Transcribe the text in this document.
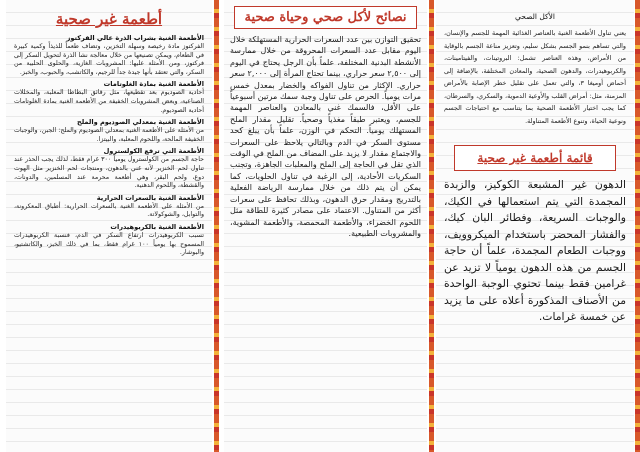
أطعمة غير صحية
الأطعمة الغنية بشراب الذرة عالي الفركتوز
الفركتوز مادة رخيصة وسهلة التخزين، وتضاف طعماً للذيذاً وكمية كبيرة في الطعام، ويمكن تصنيعها من خلال معالجة نشا الذرة لتحويل السكر إلى فركتوز، ومن الأمثلة عليها: المشروبات الغازية، والحلوى الحلبية من السكر، والتي تعتقد بأنها جيدة جداً للرجيم، والكاتشب، والحبوب، والخبز.
الأطعمة الغنية بمادة الغلوتامات
أحادية الصوديوم بعد تقطيعها، مثل رقائق البطاطا المعلبة، والمخللات الصناعية، وبعض المشروبات الخفيفة من الأطعمة الغنية بمادة الغلوتامات أحادية الصوديوم.
الأطعمة الغنية بمعدلي الصوديوم والملح
من الأمثلة على الأطعمة الغنية بمعدلي الصوديوم والملح: الجبن، والوجبات الخفيفة المالحة، واللحوم المعلبة، والبيتزا.
الأطعمة التي ترفع الكولسترول
حاجة الجسم من الكولسترول يومياً ٣٠٠ غرام فقط، لذلك يجب الحذر عند تناول لحم الخنزير لأنه غني بالدهون، ومنتجات لحم الخنزير مثل الهوت دوغ، ولحم البقر، وهي أطعمة محرمة عند المسلمين، والدونات، والقشطة، واللحوم الدهنية.
الأطعمة الغنية بالسعرات الحرارية
من الأمثلة على الأطعمة الغنية بالسعرات الحرارية: أطباق المعكرونة، والتوابل، والشوكولاتة.
الأطعمة الغنية بالكربوهيدرات
تسبب الكربوهيدرات ارتفاع السكر في الدم، فنسبة الكربوهيدرات المسموح بها يومياً ١٠٠ غرام فقط، بما في ذلك الخبز، والكاتشتيو، والبوشار.
نصائح لأكل صحي وحياة صحية
تحقيق التوازن بين عدد السعرات الحرارية المستهلكة خلال اليوم مقابل عدد السعرات المحروقة من خلال ممارسة الأنشطة البدنية المختلفة، علماً بأن الرجل يحتاج في اليوم إلى ٢,٥٠٠ سعر حراري، بينما تحتاج المرأة إلى ٢,٠٠٠ سعر حراري. الإكثار من تناول الفواكه والخضار بمعدل خمس مرات يومياً. الحرص على تناول وجبة سمك مرتين أسبوعياً على الأقل، فالسمك غني بالمعادن والعناصر المهمة للجسم، ويعتبر طبقاً مغذياً وصحياً. تقليل مقدار الملح المستهلك يومياً. التحكم في الوزن، علماً بأن يبلغ كحد مستوى السكر في الدم وبالتالي يلاحظ على السعرات والاجتماع مقدار لا يزيد على المضاف من الملح في الوقت الذي تقل في الحاجة إلى الملح والمعلبات الجاهزة، وتجنب السكريات الأحادية، إلى الرغبة في تناول الحلويات، كما يمكن أن يتم ذلك من خلال ممارسة الرياضة الفعلية بالتدريج ومقدار حرق الدهون، وبذلك تحافظ على سعرات أكثر من المتناول. الاعتماد على مصادر كثيرة للطاقة مثل اللحوم الخضراء، والأطعمة المحمصة، والأطعمة المشوية، والمشروبات الطبيعية.
الأكل الصحي
يعني تناول الأطعمة الغنية بالعناصر الغذائية المهمة للجسم والإنسان، والتي تساهم بنمو الجسم بشكل سليم، وتعزيز مناعة الجسم بالوقاية من الأمراض، وهذه العناصر تشمل: البروتينات، والفيتامينات، والكربوهيدرات، والدهون الصحية، والمعادن المختلفة، بالإضافة إلى أحماض أوميغا ٣، والتي تعمل على تقليل خطر الإصابة بالأمراض المزمنة، مثل: أمراض القلب والأوعية الدموية، والسكري، والسرطان، كما يجب اختيار الأطعمة الصحية بما يتناسب مع احتياجات الجسم ونوعية الحياة، وتنوع الأطعمة المتناولة.
قائمة أطعمة غير صحية
الدهون غير المشبعة الكوكيز، والزبدة المجمدة التي يتم استعمالها في الكيك، والوجبات السريعة، وفطائر البان كيك، والفشار المحضر باستخدام الميكروويف، ووجبات الطعام المجمدة، علماً أن حاجة الجسم من هذه الدهون يومياً لا تزيد عن غرامين فقط بينما تحتوي الوجبة الواحدة من الأصناف المذكورة أعلاه على ما يزيد عن خمسة غرامات.
